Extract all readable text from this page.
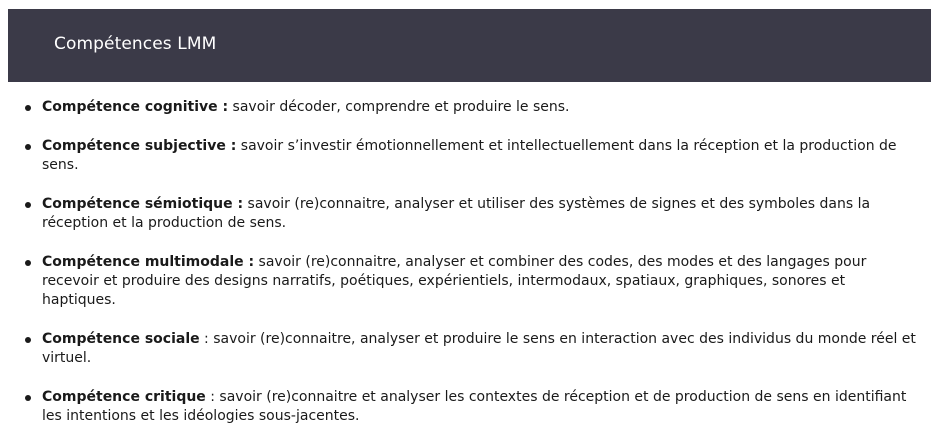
Compétences LMM
Compétence cognitive : savoir décoder, comprendre et produire le sens.
Compétence subjective : savoir s’investir émotionnellement et intellectuellement dans la réception et la production de sens.
Compétence sémiotique : savoir (re)connaitre, analyser et utiliser des systèmes de signes et des symboles dans la réception et la production de sens.
Compétence multimodale : savoir (re)connaitre, analyser et combiner des codes, des modes et des langages pour recevoir et produire des designs narratifs, poétiques, expérientiels, intermodaux, spatiaux, graphiques, sonores et haptiques.
Compétence sociale : savoir (re)connaitre, analyser et produire le sens en interaction avec des individus du monde réel et virtuel.
Compétence critique : savoir (re)connaitre et analyser les contextes de réception et de production de sens en identifiant les intentions et les idéologies sous-jacentes.
